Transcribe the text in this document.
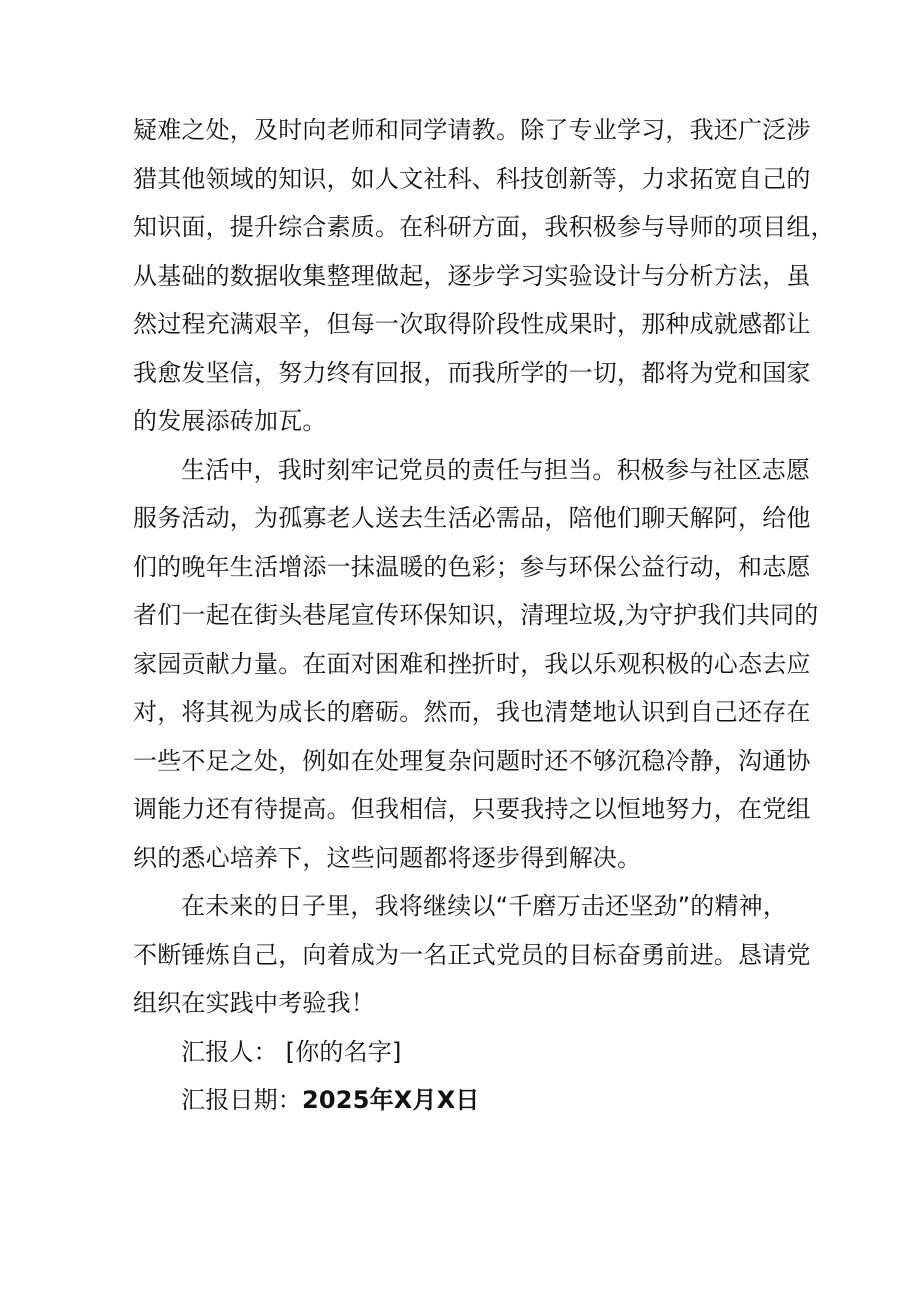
疑难之处，及时向老师和同学请教。除了专业学习，我还广泛涉
猎其他领域的知识，如人文社科、科技创新等，力求拓宽自己的
知识面，提升综合素质。在科研方面，我积极参与导师的项目组，
从基础的数据收集整理做起，逐步学习实验设计与分析方法，虽
然过程充满艰辛，但每一次取得阶段性成果时，那种成就感都让
我愈发坚信，努力终有回报，而我所学的一切，都将为党和国家
的发展添砖加瓦。
生活中，我时刻牢记党员的责任与担当。积极参与社区志愿
服务活动，为孤寡老人送去生活必需品，陪他们聊天解阿，给他
们的晚年生活增添一抹温暖的色彩；参与环保公益行动，和志愿
者们一起在街头巷尾宣传环保知识，清理垃圾,为守护我们共同的
家园贡献力量。在面对困难和挫折时，我以乐观积极的心态去应
对，将其视为成长的磨砺。然而，我也清楚地认识到自己还存在
一些不足之处，例如在处理复杂问题时还不够沉稳冷静，沟通协
调能力还有待提高。但我相信，只要我持之以恒地努力，在党组
织的悉心培养下，这些问题都将逐步得到解决。
在未来的日子里，我将继续以“千磨万击还坚劲”的精神，
不断锤炼自己，向着成为一名正式党员的目标奋勇前进。恳请党
组织在实践中考验我！
汇报人： [你的名字]
汇报日期：2025年X月X日
